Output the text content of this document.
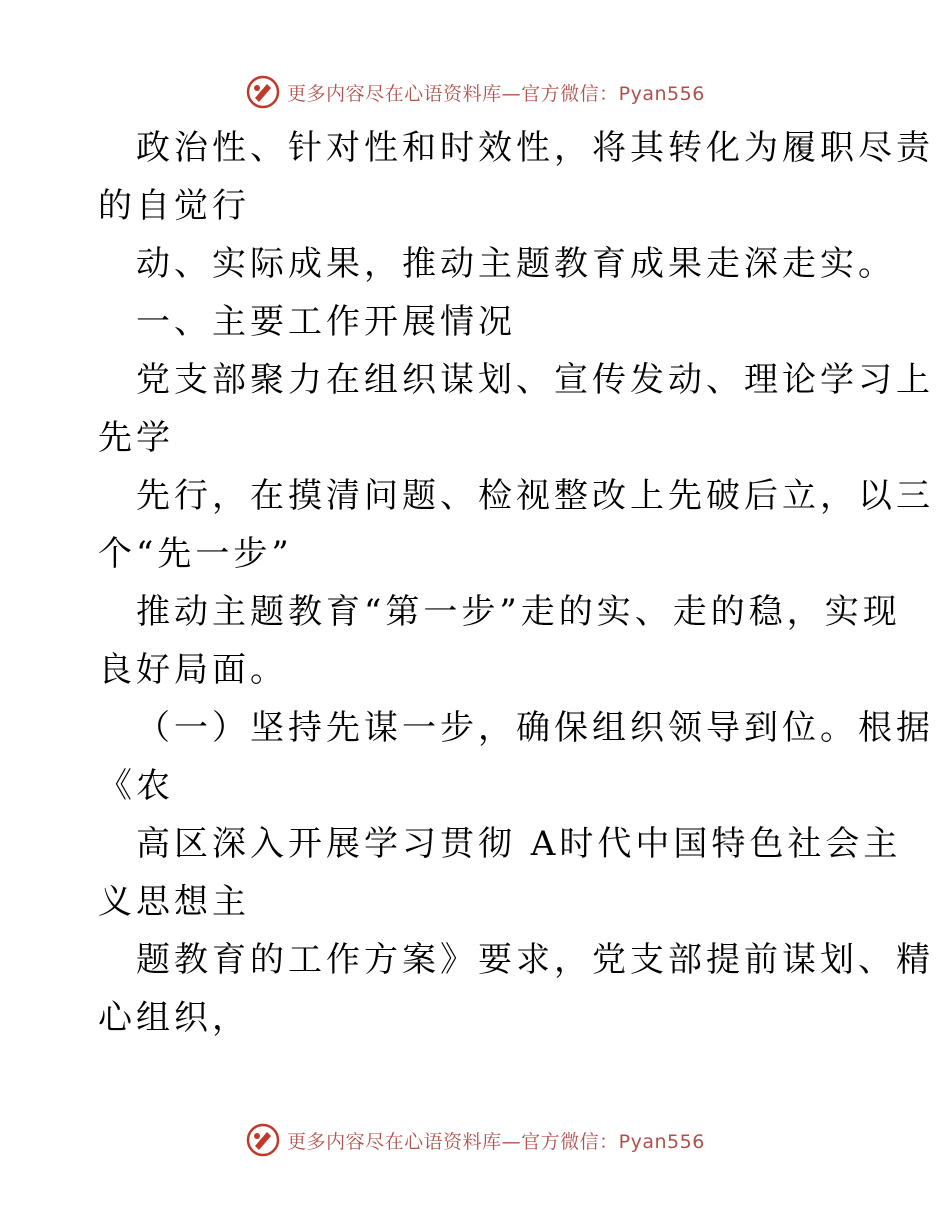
更多内容尽在心语资料库—官方微信：Pyan556
政治性、针对性和时效性，将其转化为履职尽责
的自觉行
动、实际成果，推动主题教育成果走深走实。
一、主要工作开展情况
党支部聚力在组织谋划、宣传发动、理论学习上
先学
先行，在摸清问题、检视整改上先破后立，以三
个“先一步”
推动主题教育“第一步”走的实、走的稳，实现
良好局面。
（一）坚持先谋一步，确保组织领导到位。根据
《农
高区深入开展学习贯彻 A时代中国特色社会主
义思想主
题教育的工作方案》要求，党支部提前谋划、精
心组织，
更多内容尽在心语资料库—官方微信：Pyan556
